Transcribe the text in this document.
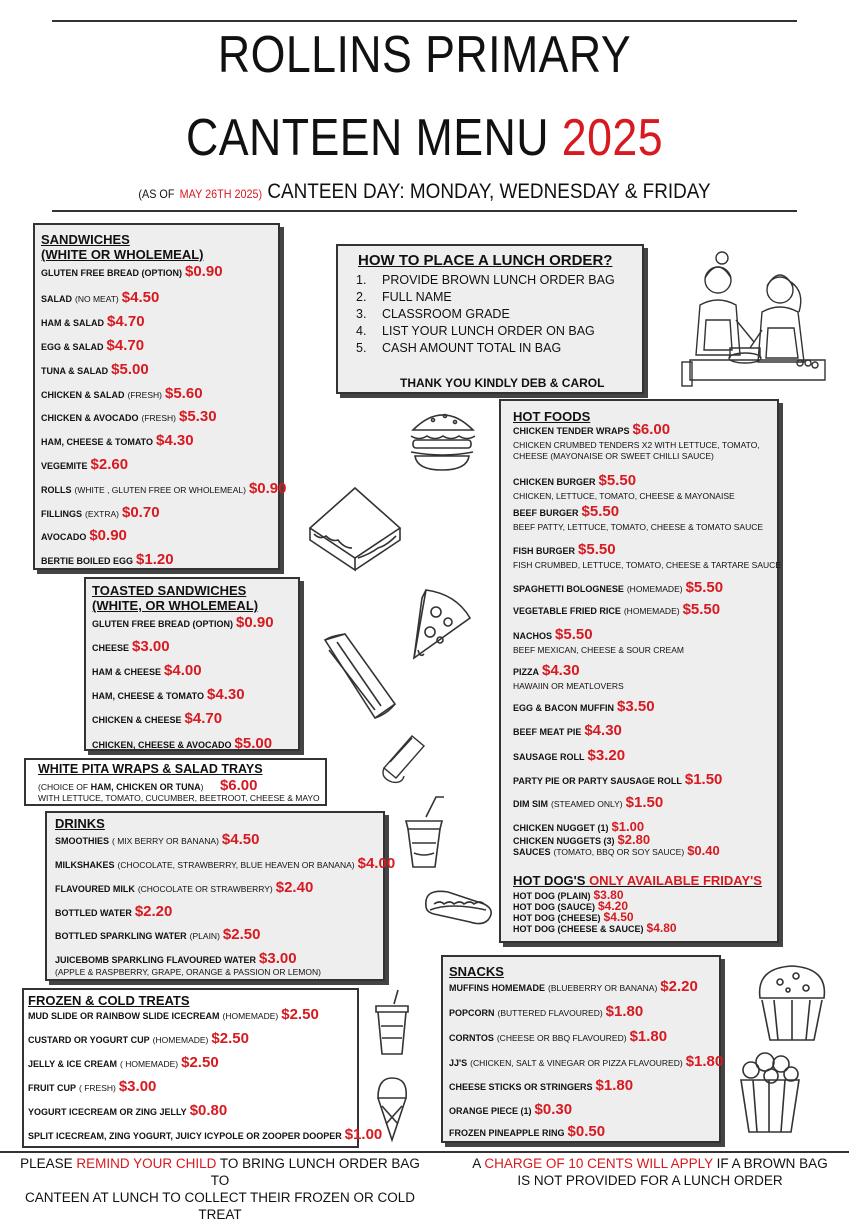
ROLLINS PRIMARY
CANTEEN MENU 2025
(AS OF MAY 26TH 2025) CANTEEN DAY: MONDAY, WEDNESDAY & FRIDAY
SANDWICHES
(WHITE OR WHOLEMEAL)
GLUTEN FREE BREAD (OPTION) $0.90
SALAD (NO MEAT) $4.50
HAM & SALAD $4.70
EGG & SALAD $4.70
TUNA & SALAD $5.00
CHICKEN & SALAD (FRESH) $5.60
CHICKEN & AVOCADO (FRESH) $5.30
HAM, CHEESE & TOMATO $4.30
VEGEMITE $2.60
ROLLS (WHITE , GLUTEN FREE OR WHOLEMEAL) $0.90
FILLINGS (EXTRA) $0.70
AVOCADO $0.90
BERTIE BOILED EGG $1.20
HOW TO PLACE A LUNCH ORDER?
1. PROVIDE BROWN LUNCH ORDER BAG
2. FULL NAME
3. CLASSROOM GRADE
4. LIST YOUR LUNCH ORDER ON BAG
5. CASH AMOUNT TOTAL IN BAG
THANK YOU KINDLY DEB & CAROL
HOT FOODS
CHICKEN TENDER WRAPS $6.00
CHICKEN CRUMBED TENDERS X2 WITH LETTUCE, TOMATO,
CHEESE (MAYONAISE OR SWEET CHILLI SAUCE)
CHICKEN BURGER $5.50
CHICKEN, LETTUCE, TOMATO, CHEESE & MAYONAISE
BEEF BURGER $5.50
BEEF PATTY, LETTUCE, TOMATO, CHEESE & TOMATO SAUCE
FISH BURGER $5.50
FISH CRUMBED, LETTUCE, TOMATO, CHEESE & TARTARE SAUCE
SPAGHETTI BOLOGNESE (HOMEMADE) $5.50
VEGETABLE FRIED RICE (HOMEMADE) $5.50
NACHOS $5.50
BEEF MEXICAN, CHEESE & SOUR CREAM
PIZZA $4.30
HAWAIIN OR MEATLOVERS
EGG & BACON MUFFIN $3.50
BEEF MEAT PIE $4.30
SAUSAGE ROLL $3.20
PARTY PIE OR PARTY SAUSAGE ROLL $1.50
DIM SIM (STEAMED ONLY) $1.50
CHICKEN NUGGET (1) $1.00
CHICKEN NUGGETS (3) $2.80
SAUCES (TOMATO, BBQ OR SOY SAUCE) $0.40
HOT DOG'S ONLY AVAILABLE FRIDAY'S
HOT DOG (PLAIN) $3.80
HOT DOG (SAUCE) $4.20
HOT DOG (CHEESE) $4.50
HOT DOG (CHEESE & SAUCE) $4.80
TOASTED SANDWICHES
(WHITE, OR WHOLEMEAL)
GLUTEN FREE BREAD (OPTION) $0.90
CHEESE $3.00
HAM & CHEESE $4.00
HAM, CHEESE & TOMATO $4.30
CHICKEN & CHEESE $4.70
CHICKEN, CHEESE & AVOCADO $5.00
WHITE PITA WRAPS & SALAD TRAYS
(CHOICE OF HAM, CHICKEN OR TUNA) $6.00
WITH LETTUCE, TOMATO, CUCUMBER, BEETROOT, CHEESE & MAYO
DRINKS
SMOOTHIES ( MIX BERRY OR BANANA) $4.50
MILKSHAKES (CHOCOLATE, STRAWBERRY, BLUE HEAVEN OR BANANA) $4.00
FLAVOURED MILK (CHOCOLATE OR STRAWBERRY) $2.40
BOTTLED WATER $2.20
BOTTLED SPARKLING WATER (PLAIN) $2.50
JUICEBOMB SPARKLING FLAVOURED WATER $3.00
(APPLE & RASPBERRY, GRAPE, ORANGE & PASSION OR LEMON)
FROZEN & COLD TREATS
MUD SLIDE OR RAINBOW SLIDE ICECREAM (HOMEMADE) $2.50
CUSTARD OR YOGURT CUP (HOMEMADE) $2.50
JELLY & ICE CREAM ( HOMEMADE) $2.50
FRUIT CUP ( FRESH) $3.00
YOGURT ICECREAM OR ZING JELLY $0.80
SPLIT ICECREAM, ZING YOGURT, JUICY ICYPOLE OR ZOOPER DOOPER $1.00
SNACKS
MUFFINS HOMEMADE (BLUEBERRY OR BANANA) $2.20
POPCORN (BUTTERED FLAVOURED) $1.80
CORNTOS (CHEESE OR BBQ FLAVOURED) $1.80
JJ'S (CHICKEN, SALT & VINEGAR OR PIZZA FLAVOURED) $1.80
CHEESE STICKS OR STRINGERS $1.80
ORANGE PIECE (1) $0.30
FROZEN PINEAPPLE RING $0.50
PLEASE REMIND YOUR CHILD TO BRING LUNCH ORDER BAG TO
CANTEEN AT LUNCH TO COLLECT THEIR FROZEN OR COLD TREAT
A CHARGE OF 10 CENTS WILL APPLY IF A BROWN BAG
IS NOT PROVIDED FOR A LUNCH ORDER
